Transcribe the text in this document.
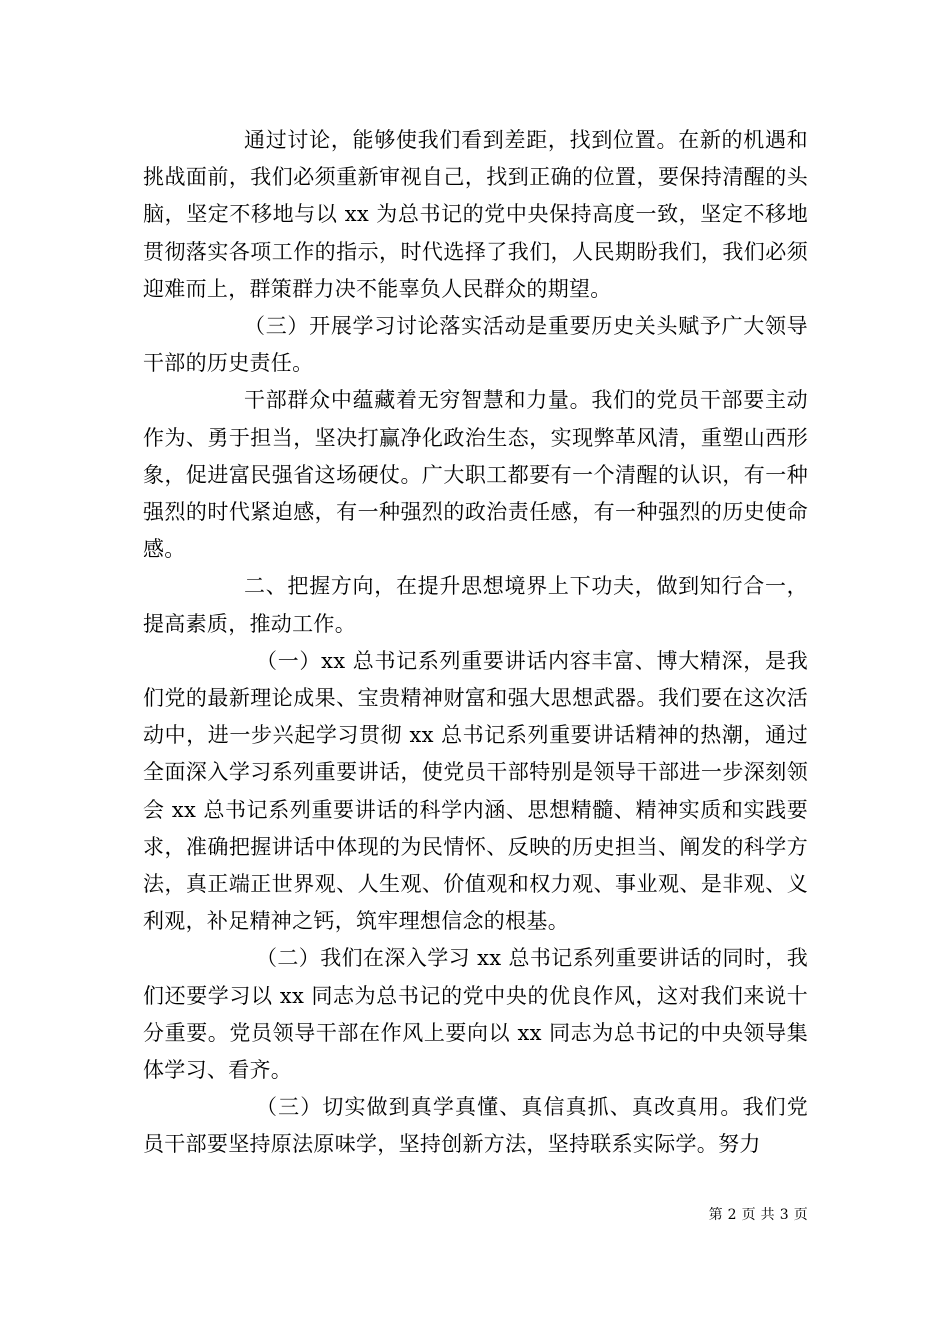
通过讨论，能够使我们看到差距，找到位置。在新的机遇和挑战面前，我们必须重新审视自己，找到正确的位置，要保持清醒的头脑，坚定不移地与以 xx 为总书记的党中央保持高度一致，坚定不移地贯彻落实各项工作的指示，时代选择了我们，人民期盼我们，我们必须迎难而上，群策群力决不能辜负人民群众的期望。

（三）开展学习讨论落实活动是重要历史关头赋予广大领导干部的历史责任。

干部群众中蕴藏着无穷智慧和力量。我们的党员干部要主动作为、勇于担当，坚决打赢净化政治生态，实现弊革风清，重塑山西形象，促进富民强省这场硬仗。广大职工都要有一个清醒的认识，有一种强烈的时代紧迫感，有一种强烈的政治责任感，有一种强烈的历史使命感。

二、把握方向，在提升思想境界上下功夫，做到知行合一，提高素质，推动工作。

（一）xx 总书记系列重要讲话内容丰富、博大精深，是我们党的最新理论成果、宝贵精神财富和强大思想武器。我们要在这次活动中，进一步兴起学习贯彻 xx 总书记系列重要讲话精神的热潮，通过全面深入学习系列重要讲话，使党员干部特别是领导干部进一步深刻领会 xx 总书记系列重要讲话的科学内涵、思想精髓、精神实质和实践要求，准确把握讲话中体现的为民情怀、反映的历史担当、阐发的科学方法，真正端正世界观、人生观、价值观和权力观、事业观、是非观、义利观，补足精神之钙，筑牢理想信念的根基。

（二）我们在深入学习 xx 总书记系列重要讲话的同时，我们还要学习以 xx 同志为总书记的党中央的优良作风，这对我们来说十分重要。党员领导干部在作风上要向以 xx 同志为总书记的中央领导集体学习、看齐。

（三）切实做到真学真懂、真信真抓、真改真用。我们党员干部要坚持原法原味学，坚持创新方法，坚持联系实际学。努力

第 2 页 共 3 页
